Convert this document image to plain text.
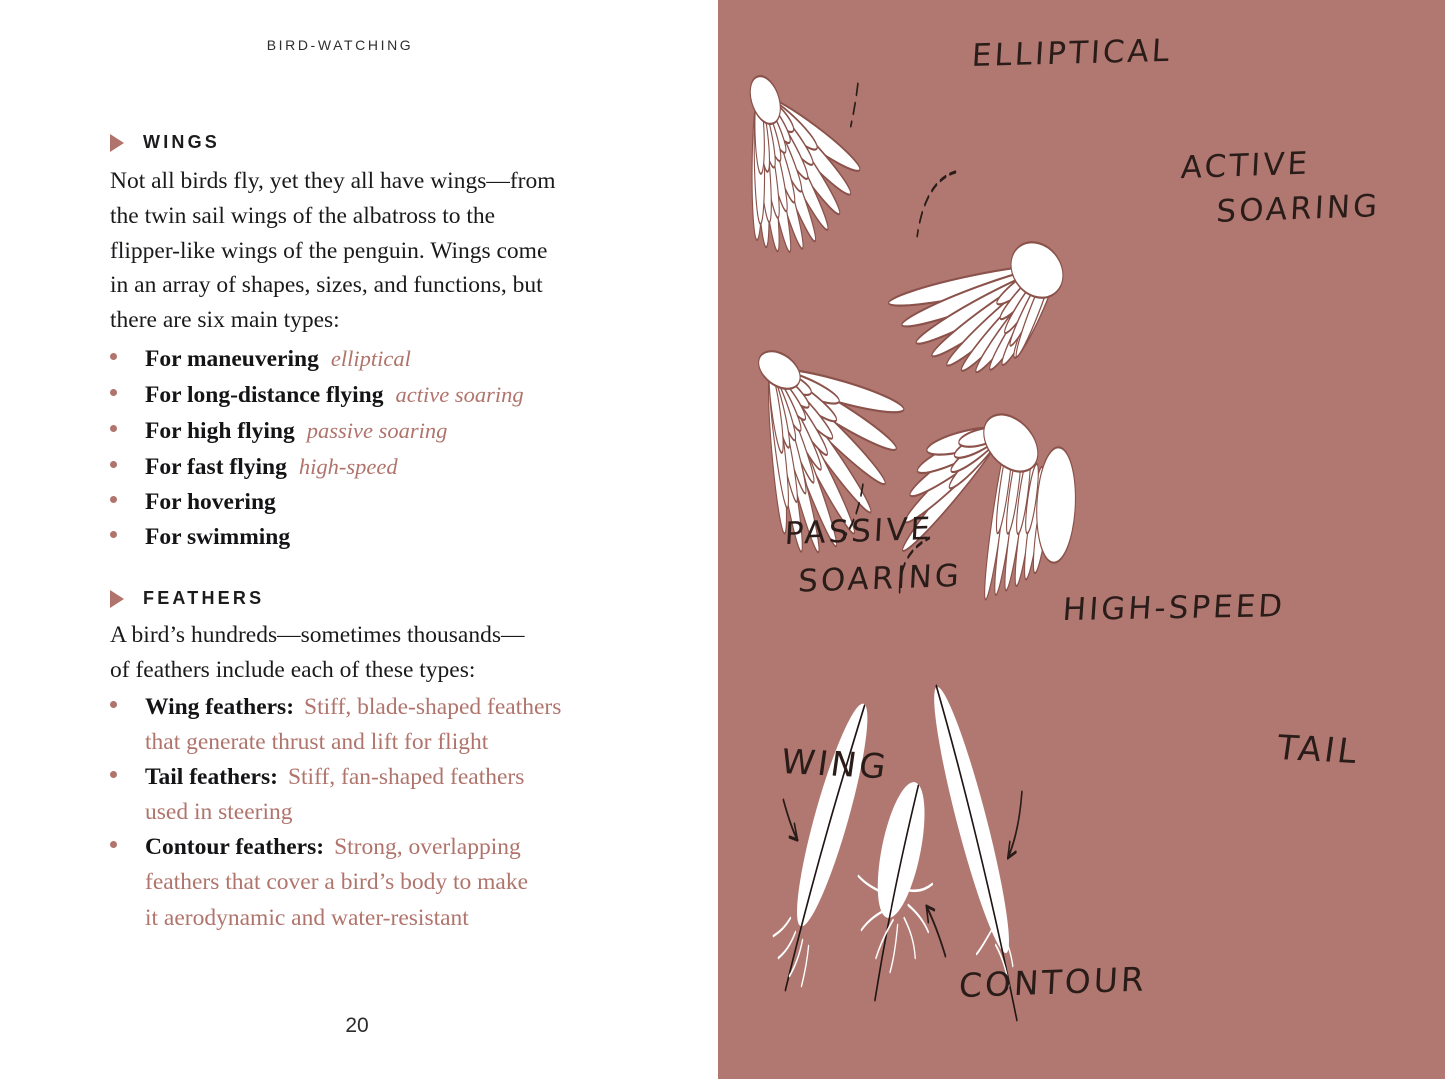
BIRD-WATCHING
WINGS
Not all birds fly, yet they all have wings—from
the twin sail wings of the albatross to the
flipper-like wings of the penguin. Wings come
in an array of shapes, sizes, and functions, but
there are six main types:
For maneuvering elliptical
For long-distance flying active soaring
For high flying passive soaring
For fast flying high-speed
For hovering
For swimming
FEATHERS
A bird’s hundreds—sometimes thousands—
of feathers include each of these types:
Wing feathers: Stiff, blade-shaped feathers
that generate thrust and lift for flight
Tail feathers: Stiff, fan-shaped feathers
used in steering
Contour feathers: Strong, overlapping
feathers that cover a bird’s body to make
it aerodynamic and water-resistant
20
ELLIPTICAL
ACTIVE
SOARING
PASSIVE
SOARING
HIGH-SPEED
WING
CONTOUR
TAIL
